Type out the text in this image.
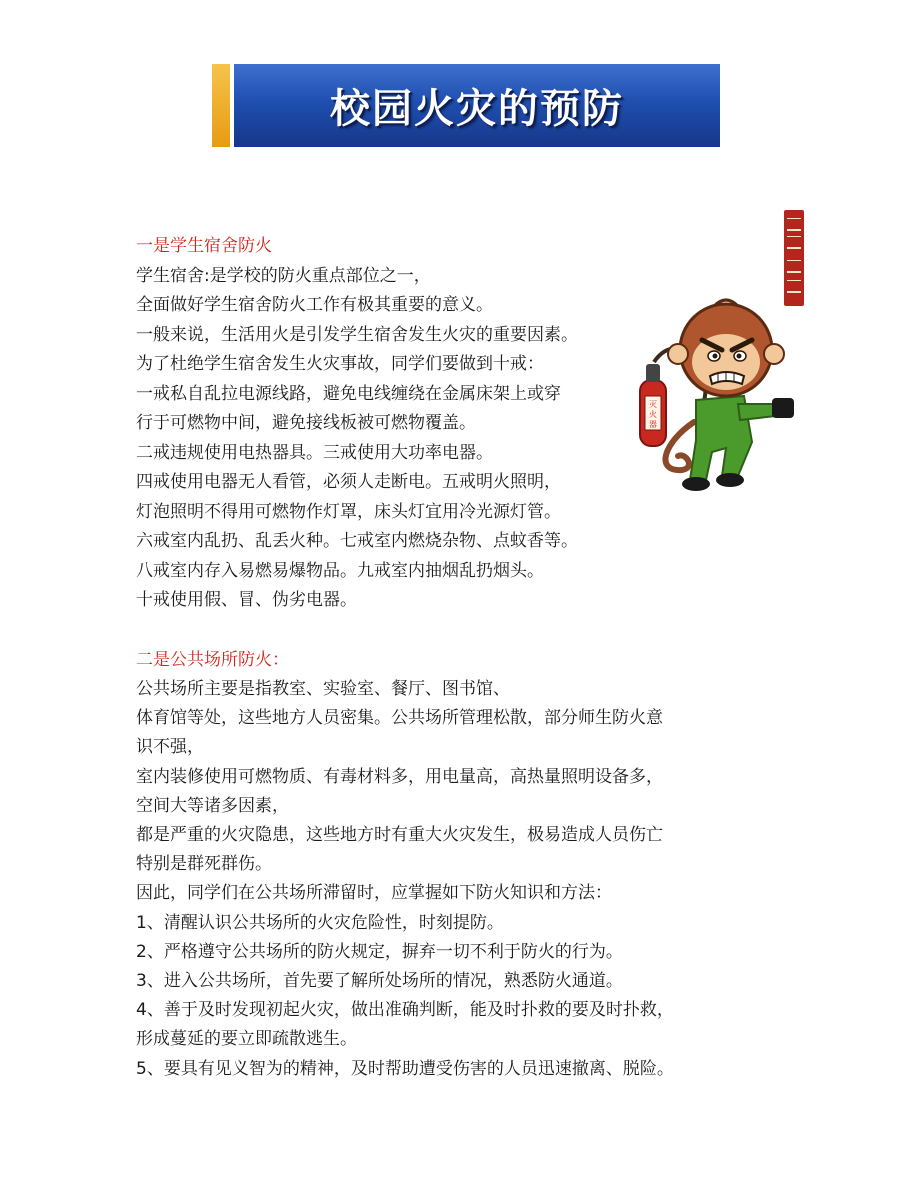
校园火灾的预防
灭
火
器
一是学生宿舍防火
学生宿舍:是学校的防火重点部位之一，
全面做好学生宿舍防火工作有极其重要的意义。
一般来说，生活用火是引发学生宿舍发生火灾的重要因素。
为了杜绝学生宿舍发生火灾事故，同学们要做到十戒：
一戒私自乱拉电源线路，避免电线缠绕在金属床架上或穿
行于可燃物中间，避免接线板被可燃物覆盖。
二戒违规使用电热器具。三戒使用大功率电器。
四戒使用电器无人看管，必须人走断电。五戒明火照明，
灯泡照明不得用可燃物作灯罩，床头灯宜用冷光源灯管。
六戒室内乱扔、乱丢火种。七戒室内燃烧杂物、点蚊香等。
八戒室内存入易燃易爆物品。九戒室内抽烟乱扔烟头。
十戒使用假、冒、伪劣电器。
二是公共场所防火：
公共场所主要是指教室、实验室、餐厅、图书馆、
体育馆等处，这些地方人员密集。公共场所管理松散，部分师生防火意
识不强，
室内装修使用可燃物质、有毒材料多，用电量高，高热量照明设备多，
空间大等诸多因素，
都是严重的火灾隐患，这些地方时有重大火灾发生，极易造成人员伤亡
特别是群死群伤。
因此，同学们在公共场所滞留时，应掌握如下防火知识和方法：
1、清醒认识公共场所的火灾危险性，时刻提防。
2、严格遵守公共场所的防火规定，摒弃一切不利于防火的行为。
3、进入公共场所，首先要了解所处场所的情况，熟悉防火通道。
4、善于及时发现初起火灾，做出准确判断，能及时扑救的要及时扑救，
形成蔓延的要立即疏散逃生。
5、要具有见义智为的精神，及时帮助遭受伤害的人员迅速撤离、脱险。
